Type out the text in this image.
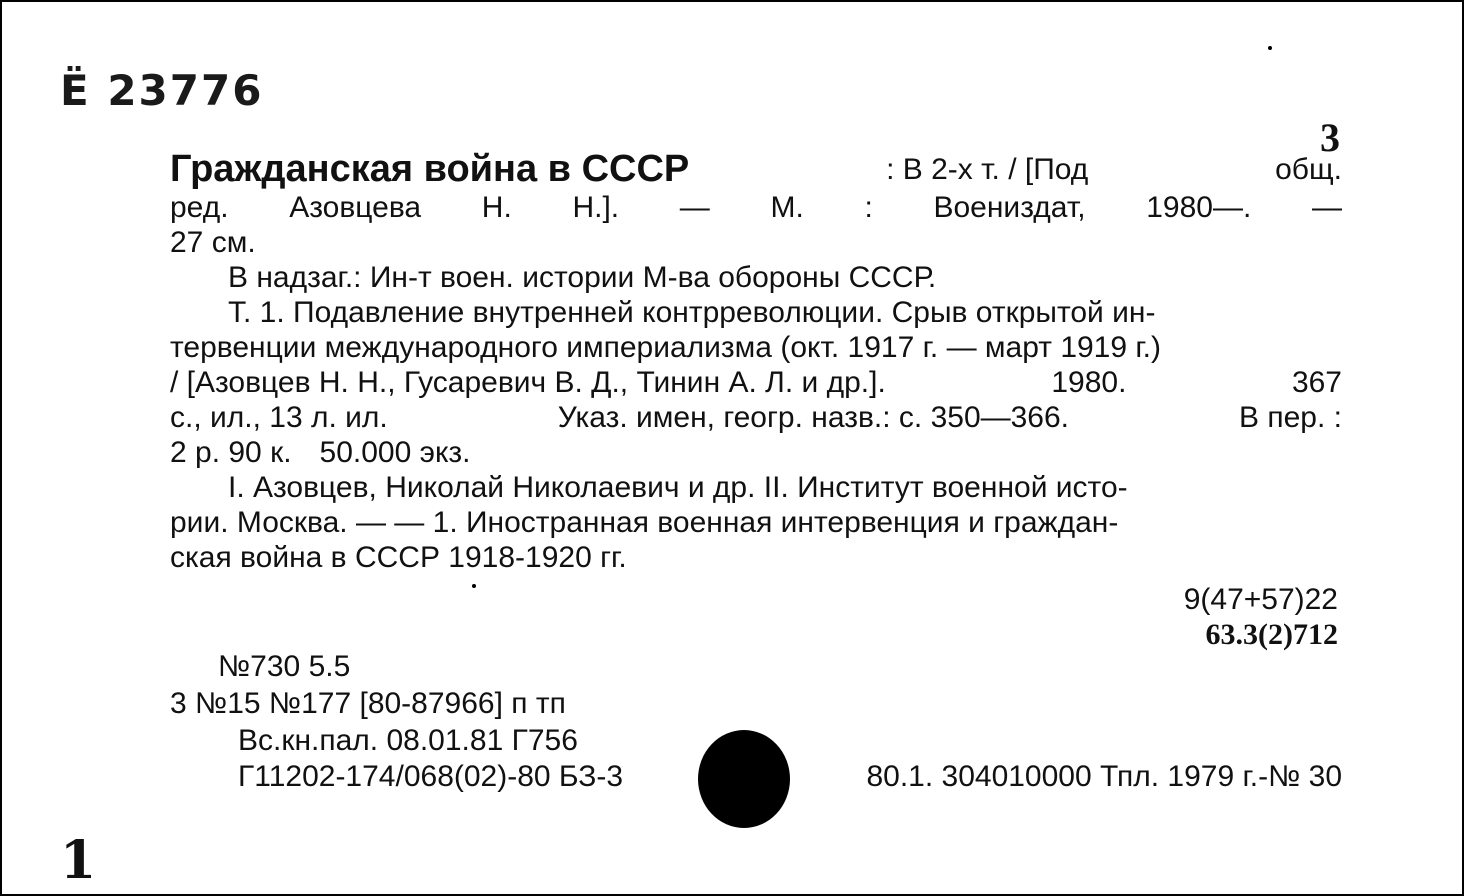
Ё 23776
3
Гражданская война в СССР	: В 2-х т. / [Под	общ.
ред. Азовцева Н. Н.]. — М. : Воениздат, 1980—. —
27 см.
В надзаг.: Ин-т воен. истории М-ва обороны СССР.
Т. 1. Подавление внутренней контрреволюции. Срыв открытой ин-
тервенции международного империализма (окт. 1917 г. — март 1919 г.)
/ [Азовцев Н. Н., Гусаревич В. Д., Тинин А. Л. и др.].	1980.	367
с., ил., 13 л. ил.	Указ. имен, геогр. назв.: с. 350—366.	В пер. :
2 р. 90 к. 50.000 экз.
I. Азовцев, Николай Николаевич и др. II. Институт военной исто-
рии. Москва. — — 1. Иностранная военная интервенция и граждан-
ская война в СССР 1918-1920 гг.
9(47+57)22
63.3(2)712
№730 5.5
3 №15 №177 [80-87966] п тп
Вс.кн.пал. 08.01.81 Г756
Г11202-174/068(02)-80 БЗ-3	80.1. 304010000 Тпл. 1979 г.-№ 30
1
